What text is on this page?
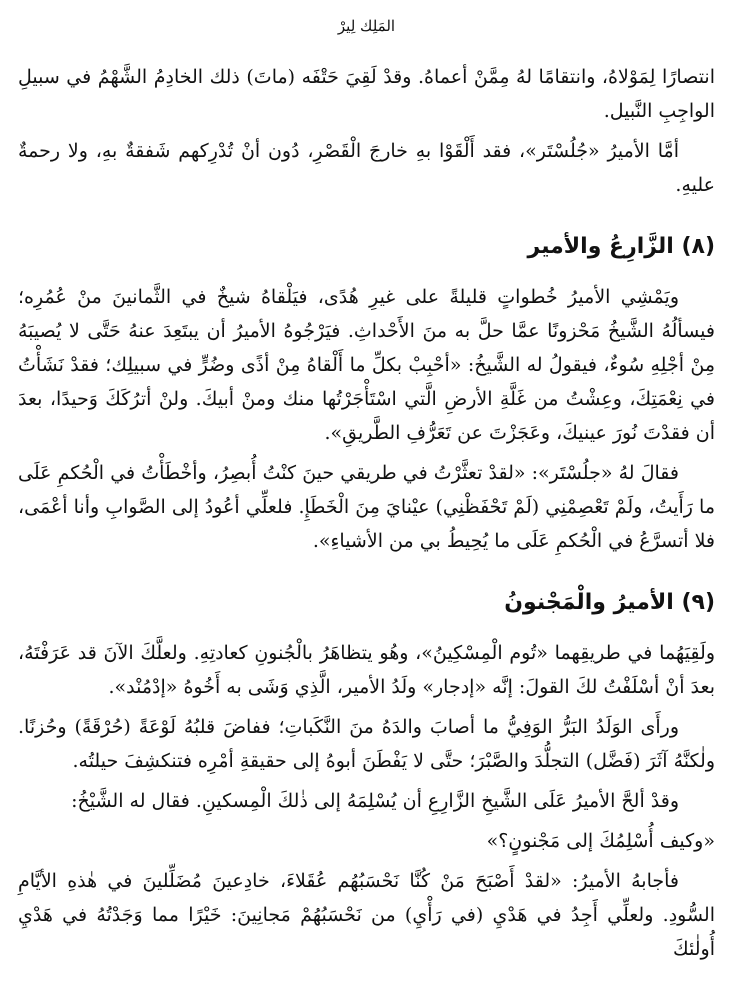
المَلِك لِيرْ

انتصارًا لِمَوْلاهُ، وانتقامًا لهُ مِمَّنْ أعماهُ. وقدْ لَقِيَ حَتْفَه (ماتَ) ذلك الخادِمُ الشَّهْمُ في سبيلِ الواجِبِ النَّبيل.

أمَّا الأميرُ «جُلُسْتَر»، فقد أَلْقَوْا بهِ خارجَ الْقَصْرِ، دُون أنْ تُدْرِكهم شَفقةٌ بهِ، ولا رحمةٌ عليهِ.

(٨) الزَّارِعُ والأمير

ويَمْشِي الأميرُ خُطواتٍ قليلةً على غيرِ هُدًى، فيَلْقاهُ شيخٌ في الثَّمانينَ منْ عُمُرِه؛ فيسألُهُ الشَّيخُ مَحْزونًا عمَّا حلَّ به منَ الأَحْداثِ. فيَرْجُوهُ الأميرُ أن يبتَعِدَ عنهُ حَتَّى لا يُصيبَهُ مِنْ أجْلِهِ سُوءٌ، فيقولُ له الشَّيخُ: «أحْبِبْ بكلِّ ما أَلْقاهُ مِنْ أذًى وضُرٍّ في سبيلِك؛ فقدْ نَشَأْتُ في نِعْمَتِكَ، وعِشْتُ من غَلَّةِ الأرضِ الَّتي اسْتَأْجَرْتُها منك ومنْ أبيكَ. ولنْ أترُكَكَ وَحيدًا، بعدَ أن فقدْتَ نُورَ عينيكَ، وعَجَزْتَ عن تَعَرُّفِ الطَّريقِ».

فقالَ لهُ «جلُسْتَر»: «لقدْ تعثَّرْتُ في طريقي حينَ كنْتُ أُبصِرُ، وأخْطَأْتُ في الْحُكمِ عَلَى ما رَأَيتُ، ولَمْ تَعْصِمْنِي (لَمْ تَحْفَظْنِي) عيْنايَ مِنَ الْخَطَإِ. فلعلِّي أعُودُ إلى الصَّوابِ وأنا أعْمَى، فلا أتسرَّعُ في الْحُكمِ عَلَى ما يُحِيطُ بي من الأشياءِ».

(٩) الأميرُ والْمَجْنونُ

ولَقِيَهُما في طريقِهما «تُوم الْمِسْكِينُ»، وهُو يتظاهَرُ بالْجُنونِ كعادتِهِ. ولعلَّكَ الآنَ قد عَرَفْتَهُ، بعدَ أنْ أسْلَفْتُ لكَ القولَ: إنَّه «إدجار» ولَدُ الأمير، الَّذِي وَشَى به أَخُوهُ «إدْمُنْد».

ورأَى الوَلَدُ البَرُّ الوَفِيُّ ما أصابَ والدَهُ منَ النَّكَباتِ؛ ففاضَ قلبُهُ لَوْعَةً (حُرْقَةً) وحُزنًا. ولٰكنَّهُ آثَرَ (فَضَّل) التجلُّدَ والصَّبْرَ؛ حتَّى لا يَفْطَنَ أبوهُ إلى حقيقةِ أمْرِه فتنكشِفَ حيلتُه.

وقدْ ألحَّ الأميرُ عَلَى الشَّيخِ الزَّارِعِ أن يُسْلِمَهُ إلى ذٰلكَ الْمِسكينِ. فقال له الشَّيْخُ:

«وكيف أُسْلِمُكَ إلى مَجْنونٍ؟»

فأجابهُ الأميرُ: «لقدْ أَصْبَحَ مَنْ كُنَّا نَحْسَبُهُم عُقَلاءَ، خادِعينَ مُضَلِّلينَ في هٰذهِ الأيَّامِ السُّودِ. ولعلِّي أَجِدُ في هَدْيِ (في رَأْيِ) من نَحْسَبُهُمْ مَجانِينَ: خَيْرًا مما وَجَدْتُهُ في هَدْيِ أُولٰئكَ
